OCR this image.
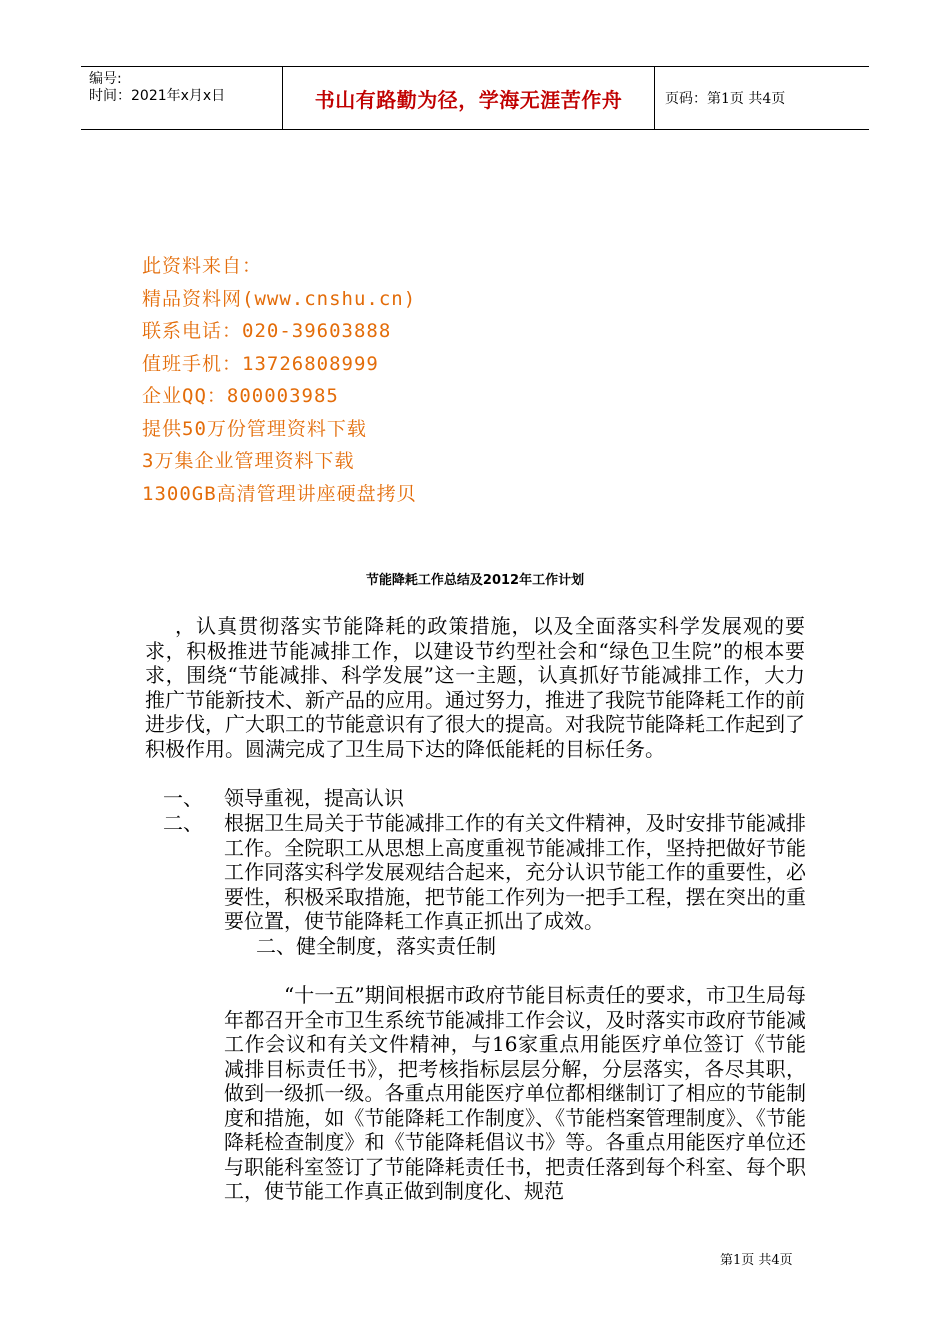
编号:
时间：2021年x月x日	书山有路勤为径，学海无涯苦作舟	页码：第1页 共4页
此资料来自：
精品资料网(www.cnshu.cn)
联系电话：020-39603888
值班手机：13726808999
企业QQ：800003985
提供50万份管理资料下载
3万集企业管理资料下载
1300GB高清管理讲座硬盘拷贝
节能降耗工作总结及2012年工作计划
，认真贯彻落实节能降耗的政策措施，以及全面落实科学发展观的要求，积极推进节能减排工作，以建设节约型社会和“绿色卫生院”的根本要求，围绕“节能减排、科学发展”这一主题，认真抓好节能减排工作，大力推广节能新技术、新产品的应用。通过努力，推进了我院节能降耗工作的前进步伐，广大职工的节能意识有了很大的提高。对我院节能降耗工作起到了积极作用。圆满完成了卫生局下达的降低能耗的目标任务。
一、 领导重视，提高认识
二、 根据卫生局关于节能减排工作的有关文件精神，及时安排节能减排工作。全院职工从思想上高度重视节能减排工作，坚持把做好节能工作同落实科学发展观结合起来，充分认识节能工作的重要性，必要性，积极采取措施，把节能工作列为一把手工程，摆在突出的重要位置，使节能降耗工作真正抓出了成效。
二、健全制度，落实责任制
“十一五”期间根据市政府节能目标责任的要求，市卫生局每年都召开全市卫生系统节能减排工作会议，及时落实市政府节能减工作会议和有关文件精神，与16家重点用能医疗单位签订《节能减排目标责任书》，把考核指标层层分解，分层落实，各尽其职，做到一级抓一级。各重点用能医疗单位都相继制订了相应的节能制度和措施，如《节能降耗工作制度》、《节能档案管理制度》、《节能降耗检查制度》和《节能降耗倡议书》等。各重点用能医疗单位还与职能科室签订了节能降耗责任书，把责任落到每个科室、每个职工，使节能工作真正做到制度化、规范
第1页 共4页
